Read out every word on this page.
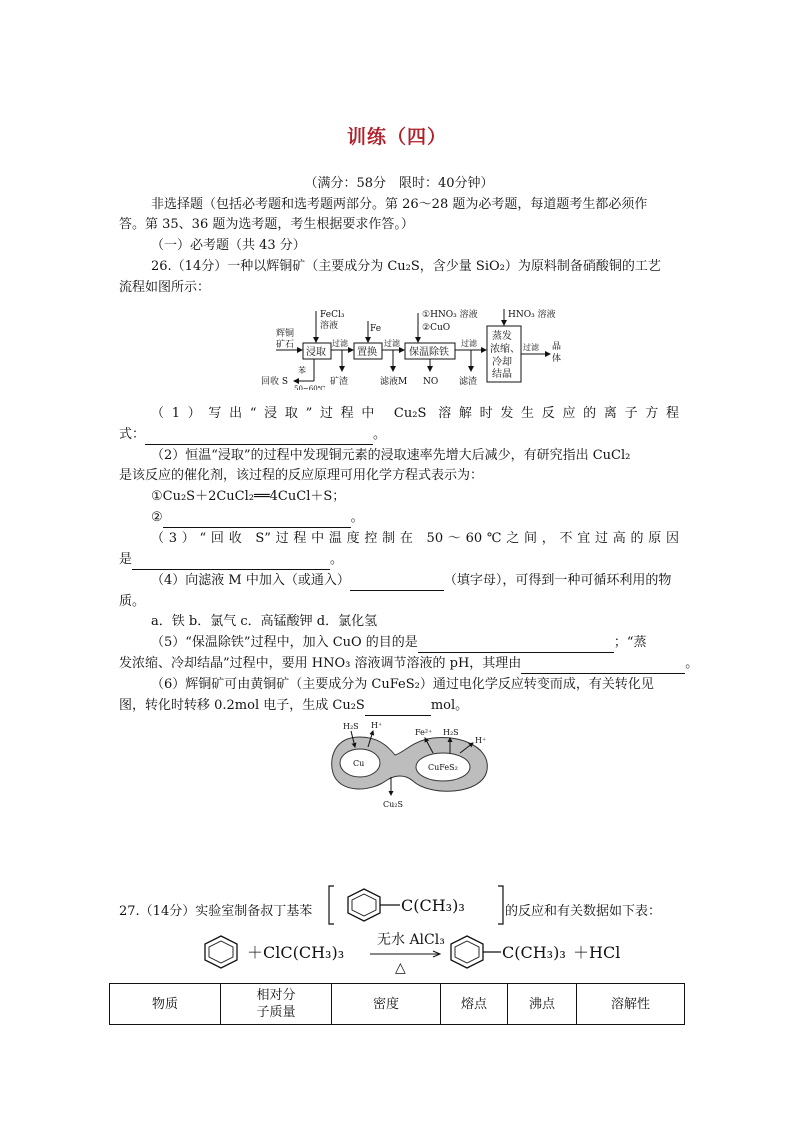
训练（四）
（满分：58分　限时：40分钟）
非选择题（包括必考题和选考题两部分。第 26～28 题为必考题，每道题考生都必须作
答。第 35、36 题为选考题，考生根据要求作答。）
（一）必考题（共 43 分）
26.（14分）一种以辉铜矿（主要成分为 Cu₂S，含少量 SiO₂）为原料制备硝酸铜的工艺
流程如图所示：
辉铜
矿石
浸取
FeCl₃
溶液
过滤
置换
Fe
过滤
保温除铁
①HNO₃ 溶液
②CuO
过滤
蒸发
浓缩、
冷却
结晶
HNO₃ 溶液
过滤 晶
体
回收 S
苯
50~60℃
矿渣	滤液M NO 滤渣
（1）写出“浸取”过程中 Cu₂S 溶解时发生反应的离子方程
式：	。
（2）恒温“浸取”的过程中发现铜元素的浸取速率先增大后减少，有研究指出 CuCl₂
是该反应的催化剂，该过程的反应原理可用化学方程式表示为：
①Cu₂S＋2CuCl₂══4CuCl＋S；
②	。
（3）“回收 S”过程中温度控制在 50～60℃之间，不宜过高的原因
是	。
（4）向滤液 M 中加入（或通入）	（填字母），可得到一种可循环利用的物
质。
a．铁 b．氯气 c．高锰酸钾 d．氯化氢
（5）“保温除铁”过程中，加入 CuO 的目的是	；“蒸
发浓缩、冷却结晶”过程中，要用 HNO₃ 溶液调节溶液的 pH，其理由	。
（6）辉铜矿可由黄铜矿（主要成分为 CuFeS₂）通过电化学反应转变而成，有关转化见
图，转化时转移 0.2mol 电子，生成 Cu₂S	mol。
Cu	CuFeS₂
H₂S H⁺
Fe²⁺ H₂S
H⁺
Cu₂S
27.（14分）实验室制备叔丁基苯	的反应和有关数据如下表：
C(CH₃)₃
＋ClC(CH₃)₃
无水 AlCl₃
△
C(CH₃)₃ ＋HCl
物质	相对分
子质量	密度	熔点	沸点	溶解性
